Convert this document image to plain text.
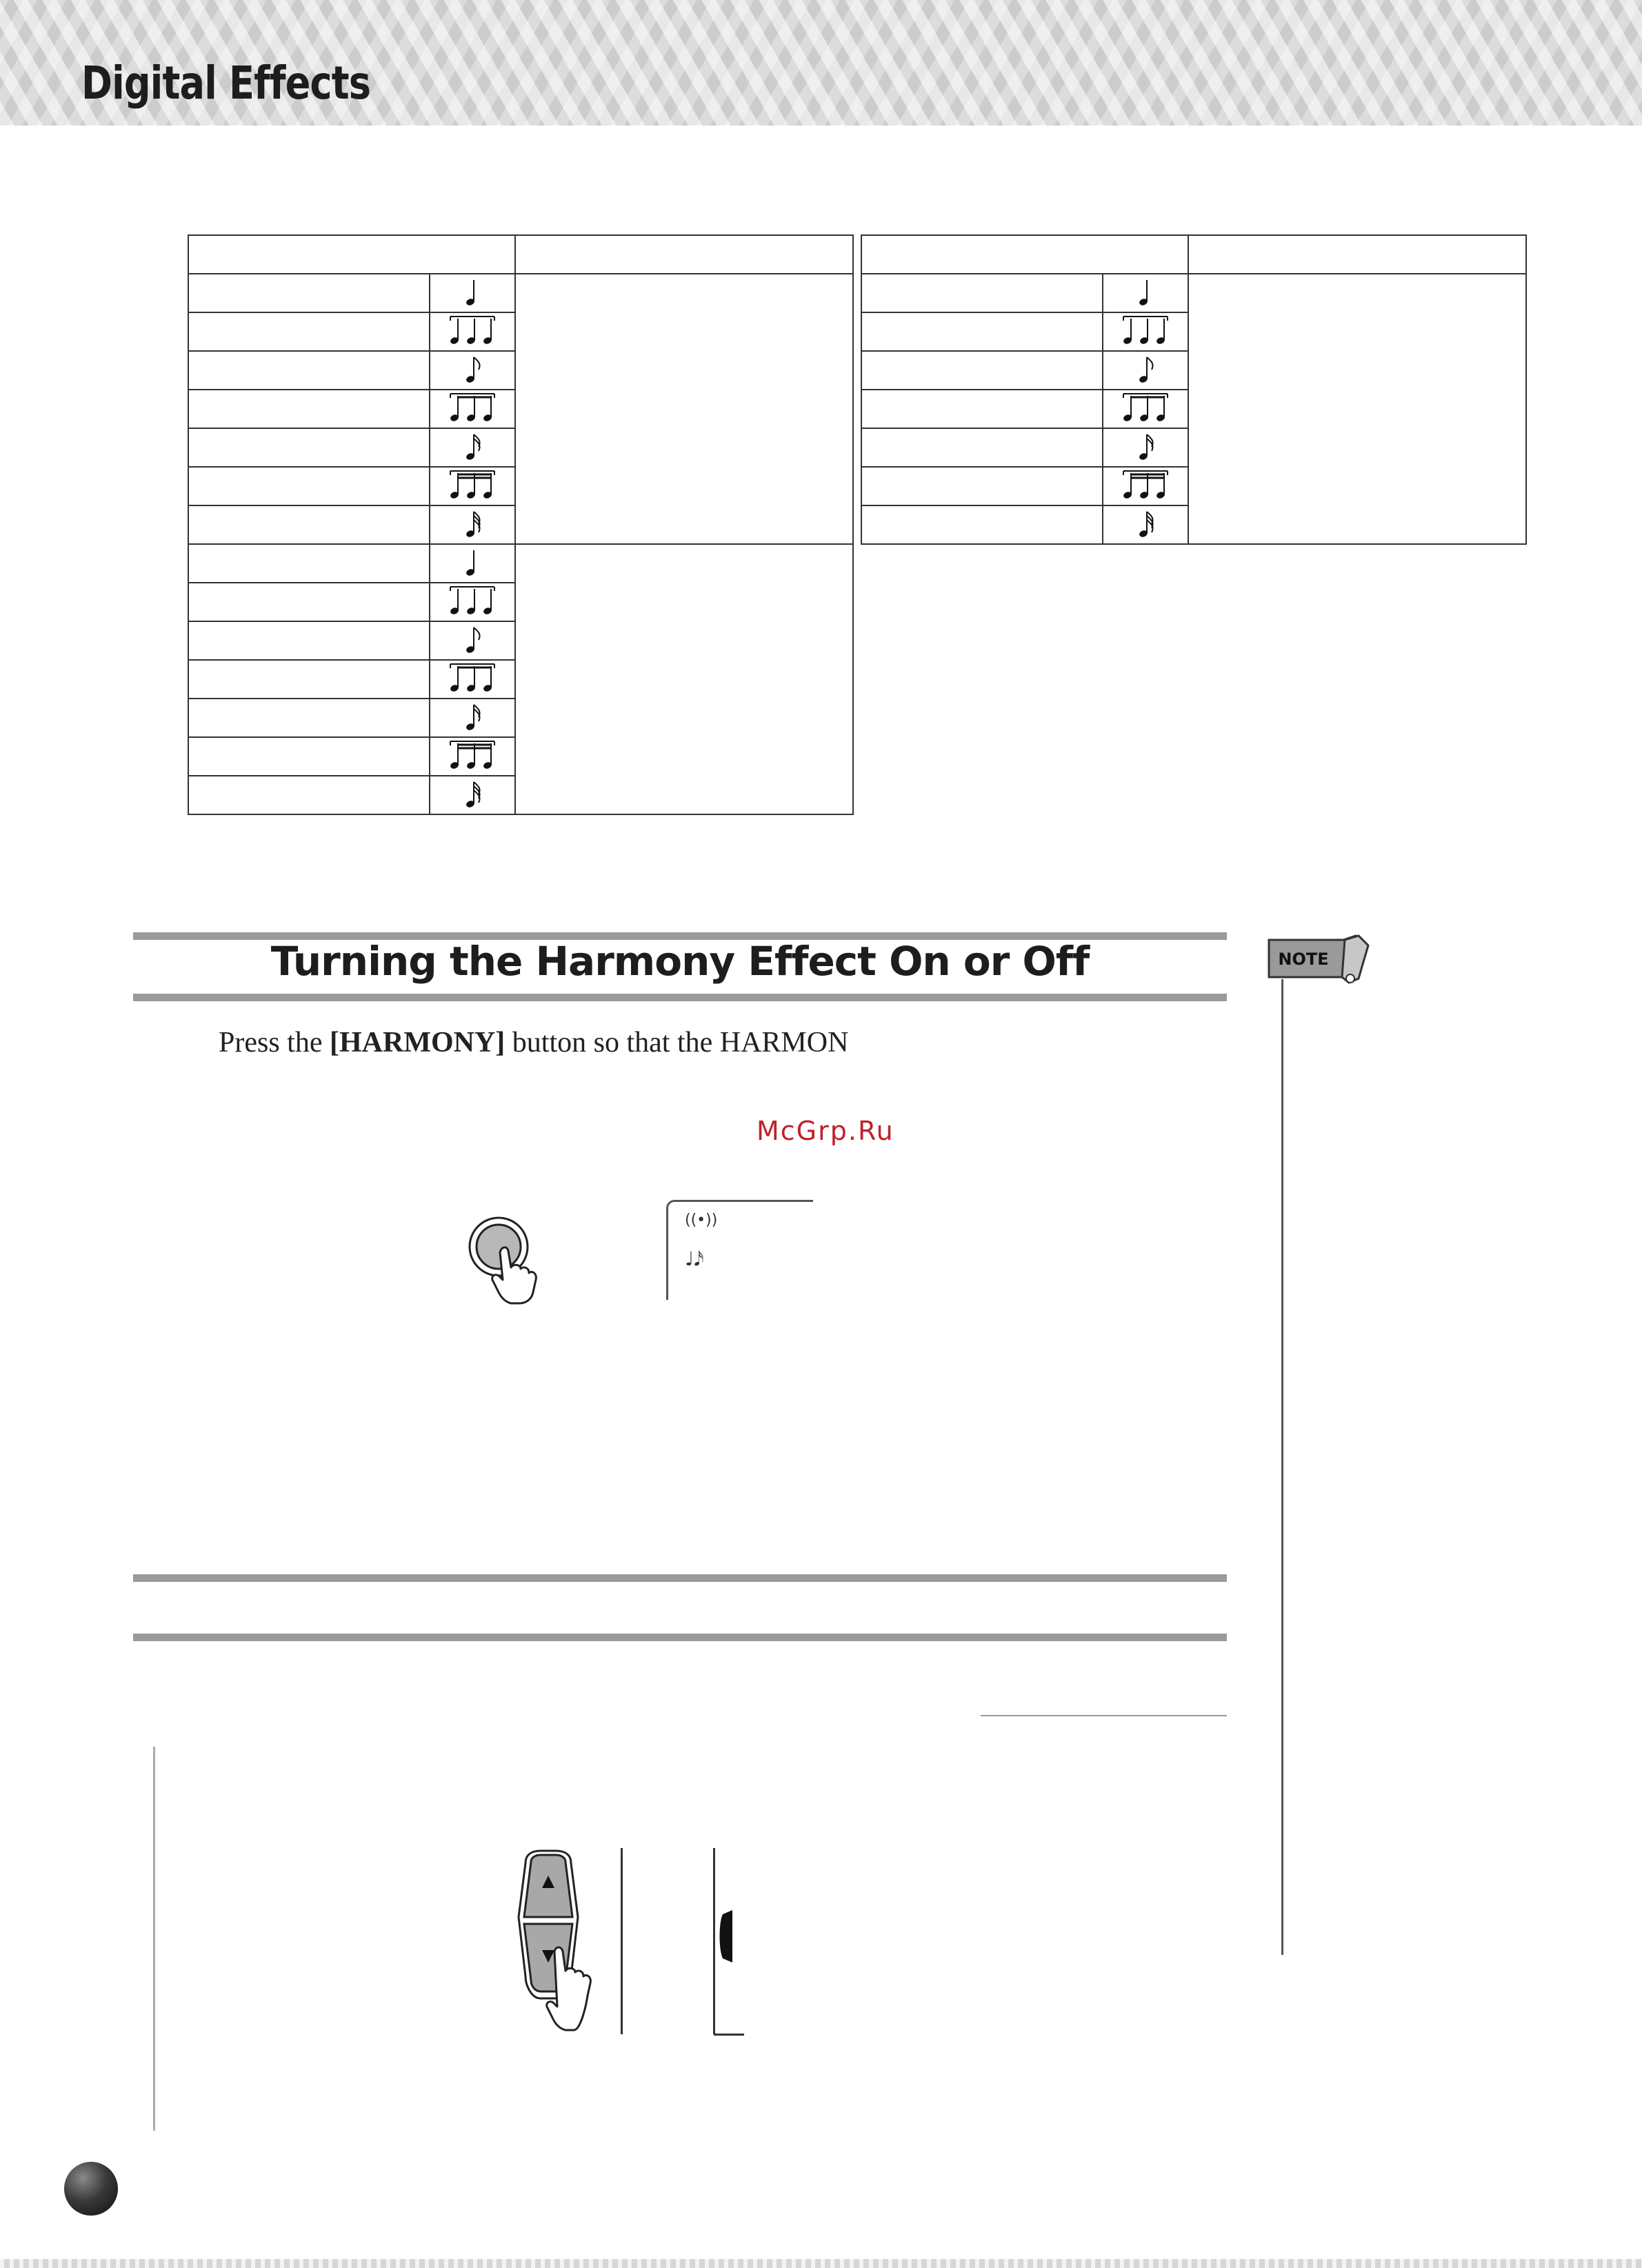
Digital Effects

Turning the Harmony Effect On or Off

Press the [HARMONY] button so that the HARMON

McGrp.Ru

NOTE
((•))
♩𝅘𝅥𝅯
